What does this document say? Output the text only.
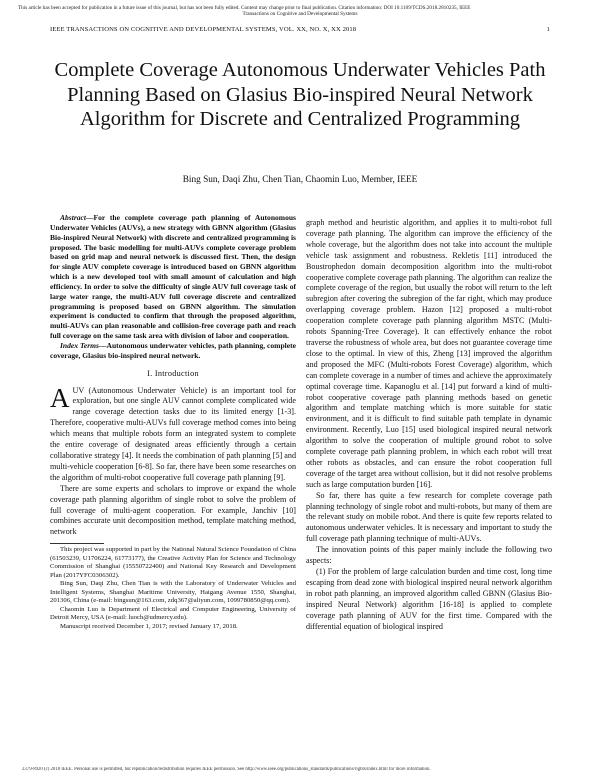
This article has been accepted for publication in a future issue of this journal, but has not been fully edited. Content may change prior to final publication. Citation information: DOI 10.1109/TCDS.2018.2810235, IEEE
Transactions on Cognitive and Developmental Systems
IEEE TRANSACTIONS ON COGNITIVE AND DEVELOPMENTAL SYSTEMS, VOL. XX, NO. X, XX 2018	1
Complete Coverage Autonomous Underwater Vehicles Path Planning Based on Glasius Bio-inspired Neural Network Algorithm for Discrete and Centralized Programming
Bing Sun, Daqi Zhu, Chen Tian, Chaomin Luo, Member, IEEE

Abstract—For the complete coverage path planning of Autonomous Underwater Vehicles (AUVs), a new strategy with GBNN algorithm (Glasius Bio-inspired Neural Network) with discrete and centralized programming is proposed. The basic modelling for multi-AUVs complete coverage problem based on grid map and neural network is discussed first. Then, the design for single AUV complete coverage is introduced based on GBNN algorithm which is a new developed tool with small amount of calculation and high efficiency. In order to solve the difficulty of single AUV full coverage task of large water range, the multi-AUV full coverage discrete and centralized programming is proposed based on GBNN algorithm. The simulation experiment is conducted to confirm that through the proposed algorithm, multi-AUVs can plan reasonable and collision-free coverage path and reach full coverage on the same task area with division of labor and cooperation.

Index Terms—Autonomous underwater vehicles, path planning, complete coverage, Glasius bio-inspired neural network.

I. Introduction

AUV (Autonomous Underwater Vehicle) is an important tool for exploration, but one single AUV cannot complete complicated wide range coverage detection tasks due to its limited energy [1-3]. Therefore, cooperative multi-AUVs full coverage method comes into being which means that multiple robots form an integrated system to complete the entire coverage of designated areas efficiently through a certain collaborative strategy [4]. It needs the combination of path planning [5] and multi-vehicle cooperation [6-8]. So far, there have been some researches on the algorithm of multi-robot cooperative full coverage path planning [9].

There are some experts and scholars to improve or expand the whole coverage path planning algorithm of single robot to solve the problem of full coverage of multi-agent cooperation. For example, Janchiv [10] combines accurate unit decomposition method, template matching method, network

This project was supported in part by the National Natural Science Foundation of China (61503239, U1706224, 61773177), the Creative Activity Plan for Science and Technology Commission of Shanghai (15550722400) and National Key Research and Development Plan (2017YFC0306302).

Bing Sun, Daqi Zhu, Chen Tian is with the Laboratory of Underwater Vehicles and Intelligent Systems, Shanghai Maritime University, Haigang Avenue 1550, Shanghai, 201306, China (e-mail: bingsun@163.com, zdq367@aliyun.com, 1099780850@qq.com).

Chaomin Luo is Department of Electrical and Computer Engineering, University of Detroit Mercy, USA (e-mail: luoch@udmercy.edu).

Manuscript received December 1, 2017; revised January 17, 2018.

graph method and heuristic algorithm, and applies it to multi-robot full coverage path planning. The algorithm can improve the efficiency of the whole coverage, but the algorithm does not take into account the multiple vehicle task assignment and robustness. Rekletis [11] introduced the Boustrophedon domain decomposition algorithm into the multi-robot cooperative complete coverage path planning. The algorithm can realize the complete coverage of the region, but usually the robot will return to the left subregion after covering the subregion of the far right, which may produce overlapping coverage problem. Hazon [12] proposed a multi-robot cooperation complete coverage path planning algorithm MSTC (Multi-robots Spanning-Tree Coverage). It can effectively enhance the robot traverse the robustness of whole area, but does not guarantee coverage time close to the optimal. In view of this, Zheng [13] improved the algorithm and proposed the MFC (Multi-robots Forest Coverage) algorithm, which can complete coverage in a number of times and achieve the approximately optimal coverage time. Kapanoglu et al. [14] put forward a kind of multi-robot cooperative coverage path planning methods based on genetic algorithm and template matching which is more suitable for static environment, and it is difficult to find suitable path template in dynamic environment. Recently, Luo [15] used biological inspired neural network algorithm to solve the cooperation of multiple ground robot to solve complete coverage path planning problem, in which each robot will treat other robots as obstacles, and can ensure the robot cooperation full coverage of the target area without collision, but it did not resolve problems such as large computation burden [16].

So far, there has quite a few research for complete coverage path planning technology of single robot and multi-robots, but many of them are the relevant study on mobile robot. And there is quite few reports related to autonomous underwater vehicles. It is necessary and important to study the full coverage path planning technique of multi-AUVs.

The innovation points of this paper mainly include the following two aspects:

(1) For the problem of large calculation burden and time cost, long time escaping from dead zone with biological inspired neural network algorithm in robot path planning, an improved algorithm called GBNN (Glasius Bio-inspired Neural Network) algorithm [16-18] is applied to complete coverage path planning of AUV for the first time. Compared with the differential equation of biological inspired

2379-8920 (c) 2018 IEEE. Personal use is permitted, but republication/redistribution requires IEEE permission. See http://www.ieee.org/publications_standards/publications/rights/index.html for more information.
